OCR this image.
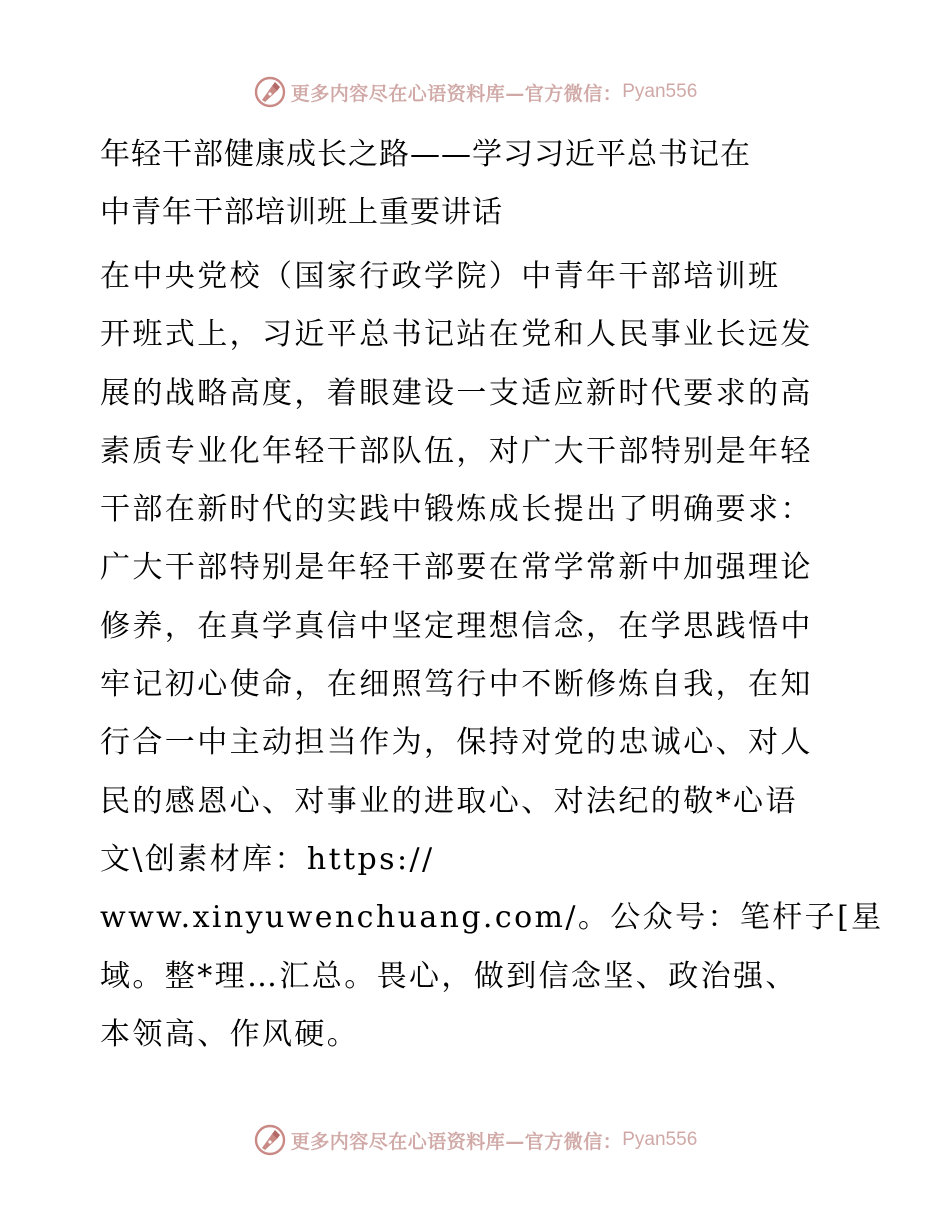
更多内容尽在心语资料库—官方微信： Pyan556
年轻干部健康成长之路——学习习近平总书记在
中青年干部培训班上重要讲话
在中央党校（国家行政学院）中青年干部培训班
开班式上，习近平总书记站在党和人民事业长远发
展的战略高度，着眼建设一支适应新时代要求的高
素质专业化年轻干部队伍，对广大干部特别是年轻
干部在新时代的实践中锻炼成长提出了明确要求：
广大干部特别是年轻干部要在常学常新中加强理论
修养，在真学真信中坚定理想信念，在学思践悟中
牢记初心使命，在细照笃行中不断修炼自我，在知
行合一中主动担当作为，保持对党的忠诚心、对人
民的感恩心、对事业的进取心、对法纪的敬*心语
文\创素材库：https://
www.xinyuwenchuang.com/。公众号：笔杆子[星
域。整*理…汇总。畏心，做到信念坚、政治强、
本领高、作风硬。
更多内容尽在心语资料库—官方微信： Pyan556
